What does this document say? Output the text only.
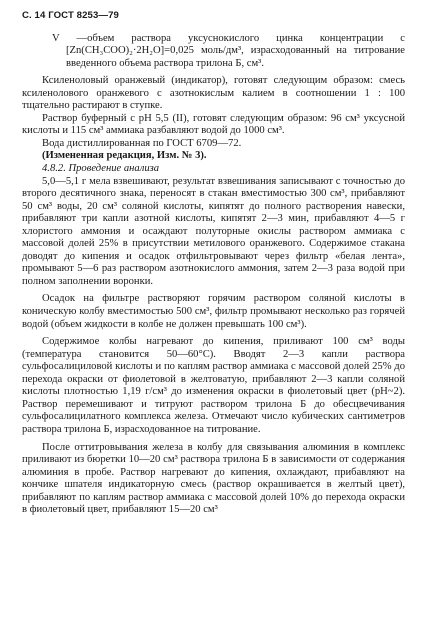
С. 14 ГОСТ 8253—79

V —объем раствора уксуснокислого цинка концентрации c [Zn(CH₃COO)₂·2H₂O]=0,025 моль/дм³, израсходованный на титрование введенного объема раствора трилона Б, см³.

Ксиленоловый оранжевый (индикатор), готовят следующим образом: смесь ксиленолового оранжевого с азотнокислым калием в соотношении 1 : 100 тщательно растирают в ступке.

Раствор буферный с pH 5,5 (II), готовят следующим образом: 96 см³ уксусной кислоты и 115 см³ аммиака разбавляют водой до 1000 см³.

Вода дистиллированная по ГОСТ 6709—72.

(Измененная редакция, Изм. № 3).

4.8.2. Проведение анализа

5,0—5,1 г мела взвешивают, результат взвешивания записывают с точностью до второго десятичного знака, переносят в стакан вместимостью 300 см³, прибавляют 50 см³ воды, 20 см³ соляной кислоты, кипятят до полного растворения навески, прибавляют три капли азотной кислоты, кипятят 2—3 мин, прибавляют 4—5 г хлористого аммония и осаждают полуторные окислы раствором аммиака с массовой долей 25% в присутствии метилового оранжевого. Содержимое стакана доводят до кипения и осадок отфильтровывают через фильтр «белая лента», промывают 5—6 раз раствором азотнокислого аммония, затем 2—3 раза водой при полном заполнении воронки.

Осадок на фильтре растворяют горячим раствором соляной кислоты в коническую колбу вместимостью 500 см³, фильтр промывают несколько раз горячей водой (объем жидкости в колбе не должен превышать 100 см³).

Содержимое колбы нагревают до кипения, приливают 100 см³ воды (температура становится 50—60°C). Вводят 2—3 капли раствора сульфосалициловой кислоты и по каплям раствор аммиака с массовой долей 25% до перехода окраски от фиолетовой в желтоватую, прибавляют 2—3 капли соляной кислоты плотностью 1,19 г/см³ до изменения окраски в фиолетовый цвет (pH~2). Раствор перемешивают и титруют раствором трилона Б до обесцвечивания сульфосалицилатного комплекса железа. Отмечают число кубических сантиметров раствора трилона Б, израсходованное на титрование.

После оттитровывания железа в колбу для связывания алюминия в комплекс приливают из бюретки 10—20 см³ раствора трилона Б в зависимости от содержания алюминия в пробе. Раствор нагревают до кипения, охлаждают, прибавляют на кончике шпателя индикаторную смесь (раствор окрашивается в желтый цвет), прибавляют по каплям раствор аммиака с массовой долей 10% до перехода окраски в фиолетовый цвет, прибавляют 15—20 см³
